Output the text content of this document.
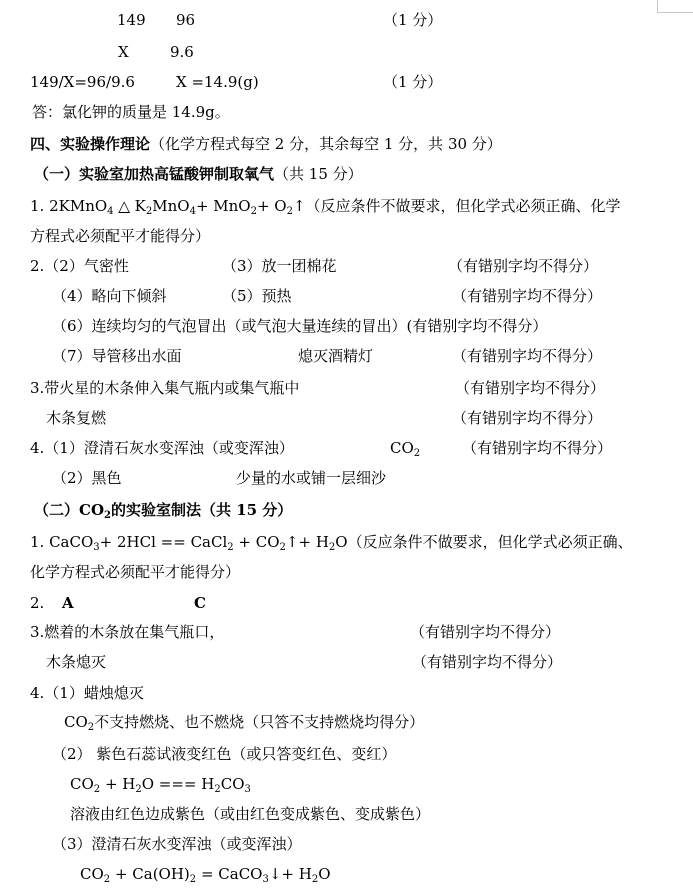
149 96	（1 分）
X	9.6
149/X=96/9.6	X =14.9(g)	（1 分）
答：氯化钾的质量是 14.9g。
四、实验操作理论（化学方程式每空 2 分，其余每空 1 分，共 30 分）
（一）实验室加热高锰酸钾制取氧气（共 15 分）
1. 2KMnO$_4$ △ $K_2MnO_4+ MnO_2+$ $O_2↑$（反应条件不做要求，但化学式必须正确、化学
方程式必须配平才能得分）
2.（2）气密性	（3）放一团棉花	（有错别字均不得分）
（4）略向下倾斜	（5）预热	（有错别字均不得分）
（6）连续均匀的气泡冒出（或气泡大量连续的冒出）(有错别字均不得分）
（7）导管移出水面	熄灭酒精灯	（有错别字均不得分）
3.带火星的木条伸入集气瓶内或集气瓶中	（有错别字均不得分）
木条复燃	（有错别字均不得分）
4.（1）澄清石灰水变浑浊（或变浑浊）	$CO_2$	（有错别字均不得分）
（2）黑色	少量的水或铺一层细沙
（二）$CO_2$的实验室制法（共 15 分）
1. CaCO$_3$+ 2HCl == CaCl$_2$ + $CO_2↑+ H_2O$（反应条件不做要求，但化学式必须正确、
化学方程式必须配平才能得分）
2. A	C
3.燃着的木条放在集气瓶口，	（有错别字均不得分）
木条熄灭	（有错别字均不得分）
4.（1）蜡烛熄灭
$CO_2$不支持燃烧、也不燃烧（只答不支持燃烧均得分）
（2） 紫色石蕊试液变红色（或只答变红色、变红）
$CO_2 + H_2O$ === $H_2CO_3$
溶液由红色边成紫色（或由红色变成紫色、变成紫色）
（3）澄清石灰水变浑浊（或变浑浊）
$CO_2 + Ca(OH)_2$ = CaCO$_3$↓+ $H_2O$
